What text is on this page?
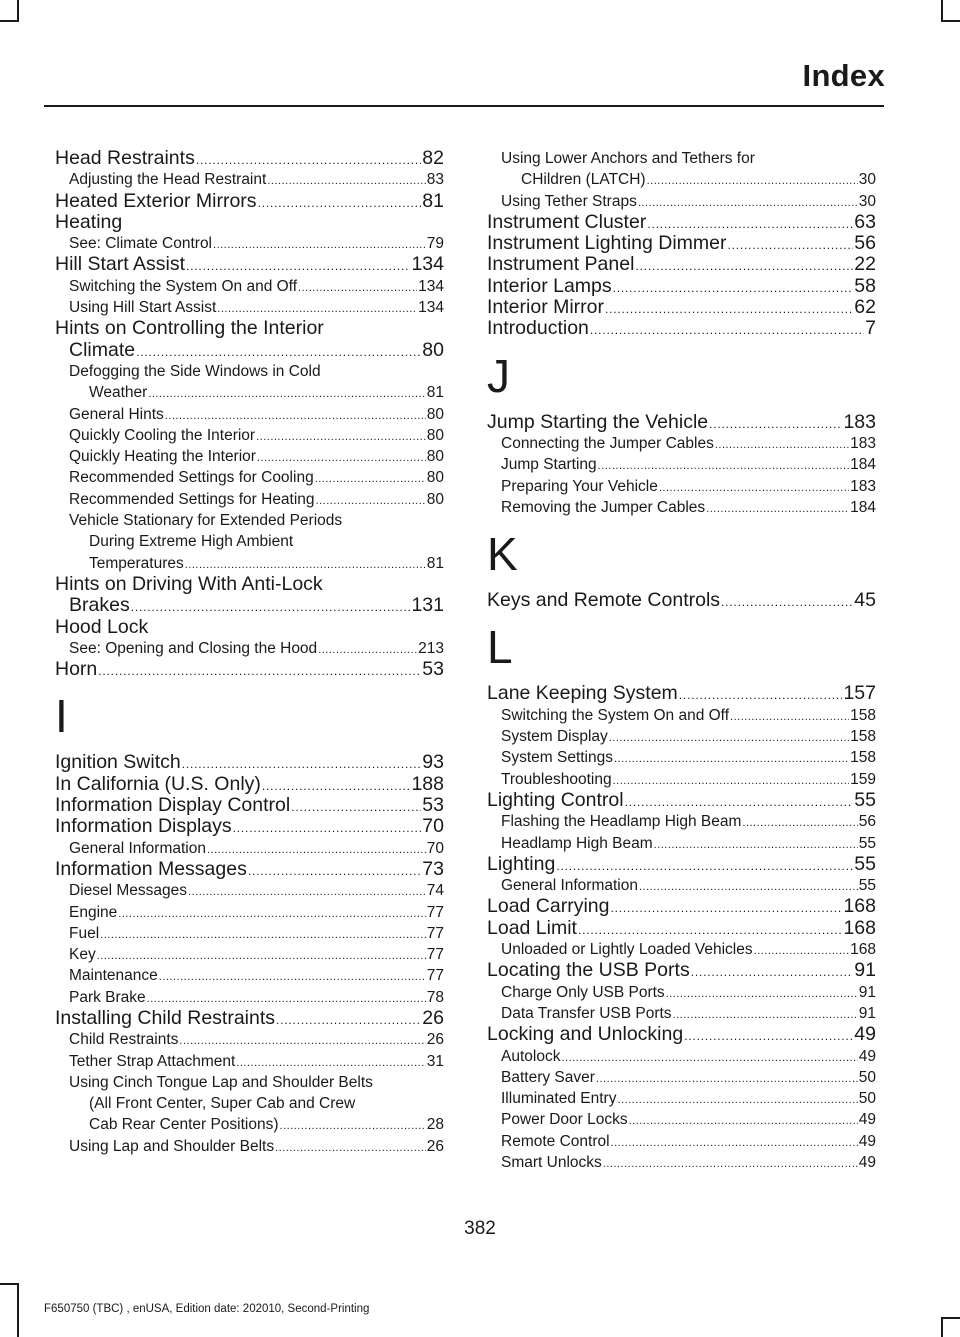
Index
Head Restraints .....	82
Adjusting the Head Restraint .....	83
Heated Exterior Mirrors .....	81
Heating
See: Climate Control .....	79
Hill Start Assist .....	134
Switching the System On and Off .....	134
Using Hill Start Assist .....	134
Hints on Controlling the Interior
Climate .....	80
Defogging the Side Windows in Cold
Weather .....	81
General Hints .....	80
Quickly Cooling the Interior .....	80
Quickly Heating the Interior .....	80
Recommended Settings for Cooling .....	80
Recommended Settings for Heating .....	80
Vehicle Stationary for Extended Periods
During Extreme High Ambient
Temperatures .....	81
Hints on Driving With Anti-Lock
Brakes .....	131
Hood Lock
See: Opening and Closing the Hood .....	213
Horn .....	53
I
Ignition Switch .....	93
In California (U.S. Only) .....	188
Information Display Control .....	53
Information Displays .....	70
General Information .....	70
Information Messages .....	73
Diesel Messages .....	74
Engine .....	77
Fuel .....	77
Key .....	77
Maintenance .....	77
Park Brake .....	78
Installing Child Restraints .....	26
Child Restraints .....	26
Tether Strap Attachment .....	31
Using Cinch Tongue Lap and Shoulder Belts
(All Front Center, Super Cab and Crew
Cab Rear Center Positions) .....	28
Using Lap and Shoulder Belts .....	26
Using Lower Anchors and Tethers for
CHildren (LATCH) .....	30
Using Tether Straps .....	30
Instrument Cluster .....	63
Instrument Lighting Dimmer .....	56
Instrument Panel .....	22
Interior Lamps .....	58
Interior Mirror .....	62
Introduction .....	7
J
Jump Starting the Vehicle .....	183
Connecting the Jumper Cables .....	183
Jump Starting .....	184
Preparing Your Vehicle .....	183
Removing the Jumper Cables .....	184
K
Keys and Remote Controls .....	45
L
Lane Keeping System .....	157
Switching the System On and Off .....	158
System Display .....	158
System Settings .....	158
Troubleshooting .....	159
Lighting Control .....	55
Flashing the Headlamp High Beam .....	56
Headlamp High Beam .....	55
Lighting .....	55
General Information .....	55
Load Carrying .....	168
Load Limit .....	168
Unloaded or Lightly Loaded Vehicles .....	168
Locating the USB Ports .....	91
Charge Only USB Ports .....	91
Data Transfer USB Ports .....	91
Locking and Unlocking .....	49
Autolock .....	49
Battery Saver .....	50
Illuminated Entry .....	50
Power Door Locks .....	49
Remote Control .....	49
Smart Unlocks .....	49
382
F650750 (TBC) , enUSA, Edition date: 202010, Second-Printing
